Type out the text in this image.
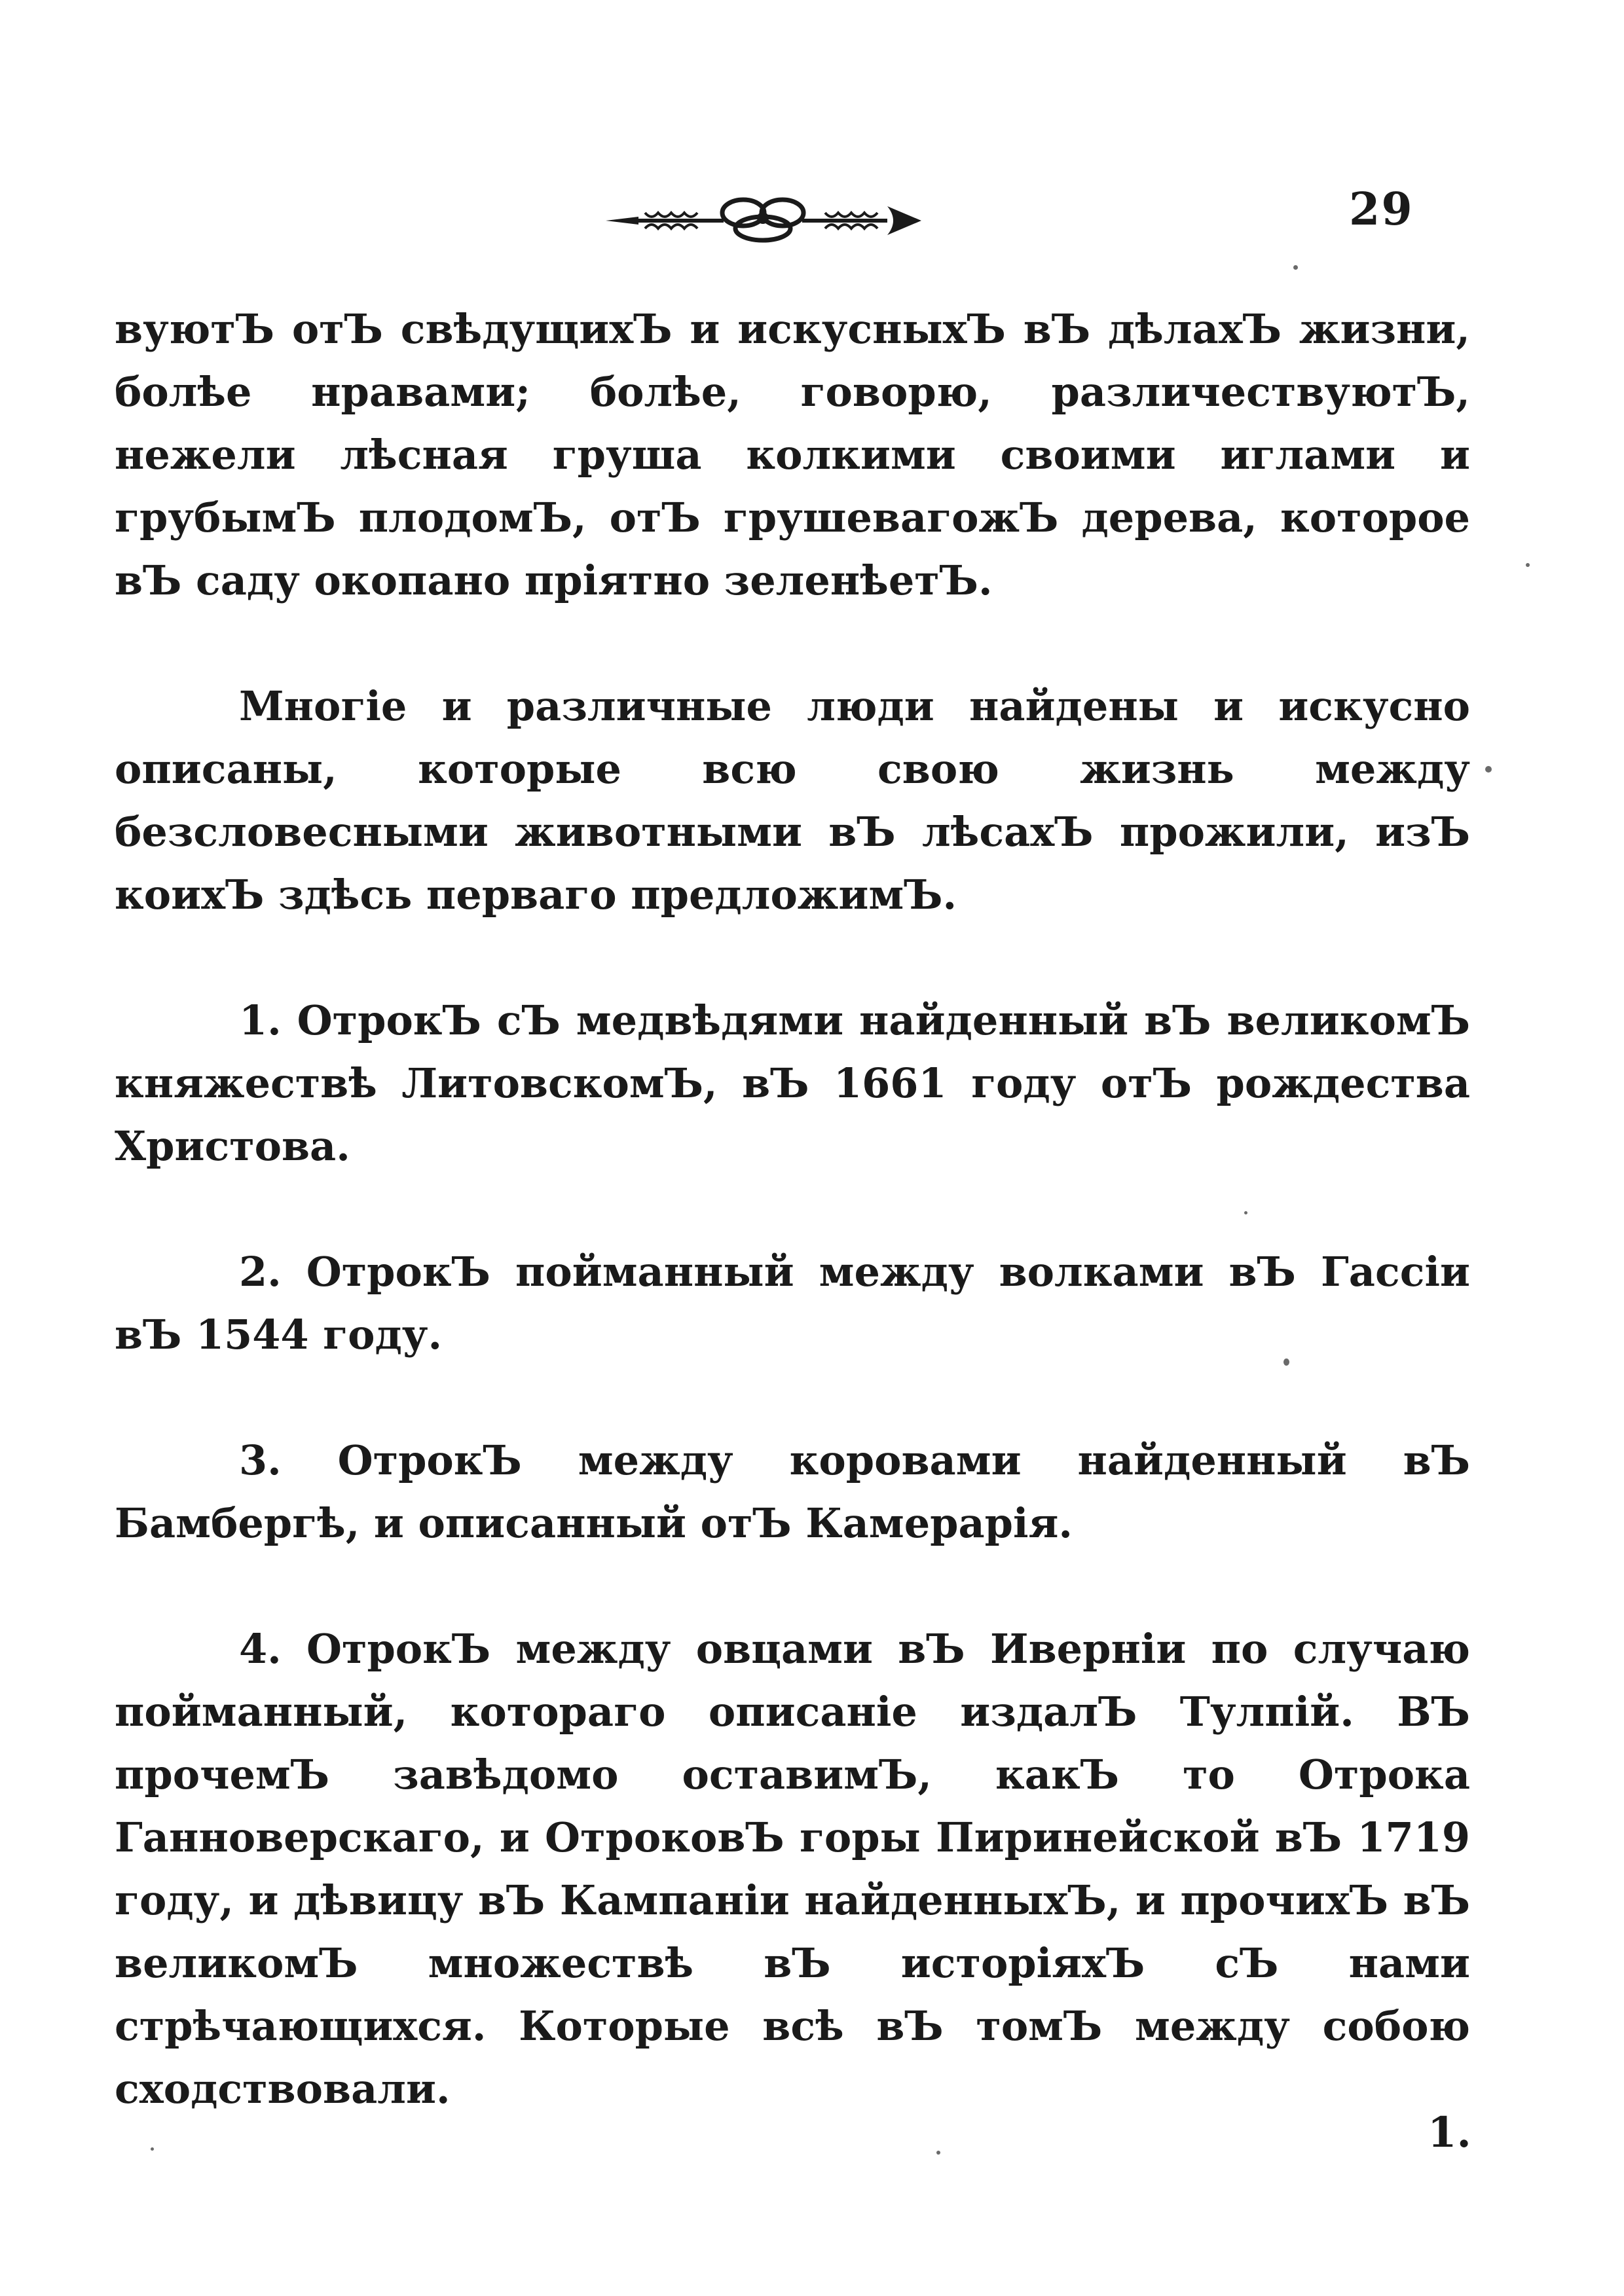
29

вуютЪ отЪ свѣдущихЪ и искусныхЪ вЪ дѣлахЪ жизни, болѣе нравами; болѣе, говорю, различествуютЪ, нежели лѣсная груша колкими своими иглами и грубымЪ плодомЪ, отЪ грушевагожЪ дерева, которое вЪ саду окопано прiятно зеленѣетЪ.

Многiе и различные люди найдены и искусно описаны, которые всю свою жизнь между безсловесными животными вЪ лѣсахЪ прожили, изЪ коихЪ здѣсь перваго предложимЪ.

1. ОтрокЪ сЪ медвѣдями найденный вЪ великомЪ княжествѣ ЛитовскомЪ, вЪ 1661 году отЪ рождества Христова.

2. ОтрокЪ пойманный между волками вЪ Гассiи вЪ 1544 году.

3. ОтрокЪ между коровами найденный вЪ Бамбергѣ, и описанный отЪ Камерарiя.

4. ОтрокЪ между овцами вЪ Ивернiи по случаю пойманный, котораго описанiе издалЪ Тулпiй. ВЪ прочемЪ завѣдомо оставимЪ, какЪ то Отрока Ганноверскаго, и ОтроковЪ горы Пиринейской вЪ 1719 году, и дѣвицу вЪ Кампанiи найденныхЪ, и прочихЪ вЪ великомЪ множествѣ вЪ исторiяхЪ сЪ нами стрѣчающихся. Которые всѣ вЪ томЪ между собою сходствовали.

1.
